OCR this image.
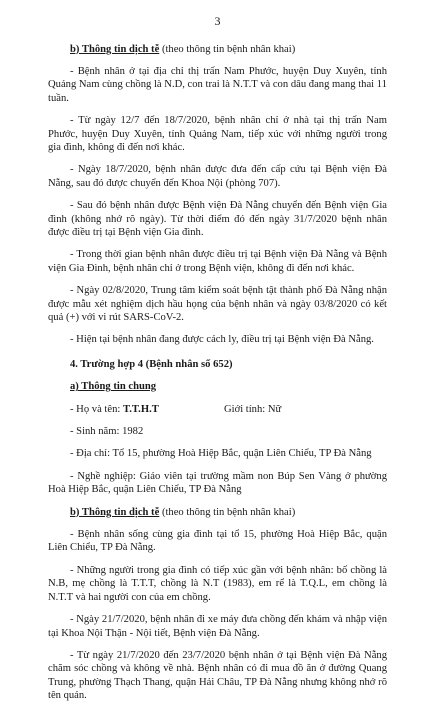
3

b) Thông tin dịch tễ (theo thông tin bệnh nhân khai)

- Bệnh nhân ở tại địa chỉ thị trấn Nam Phước, huyện Duy Xuyên, tỉnh Quảng Nam cùng chồng là N.D, con trai là N.T.T và con dâu đang mang thai 11 tuần.

- Từ ngày 12/7 đến 18/7/2020, bệnh nhân chỉ ở nhà tại thị trấn Nam Phước, huyện Duy Xuyên, tỉnh Quảng Nam, tiếp xúc với những người trong gia đình, không đi đến nơi khác.

- Ngày 18/7/2020, bệnh nhân được đưa đến cấp cứu tại Bệnh viện Đà Nẵng, sau đó được chuyển đến Khoa Nội (phòng 707).

- Sau đó bệnh nhân được Bệnh viện Đà Nẵng chuyển đến Bệnh viện Gia đình (không nhớ rõ ngày). Từ thời điểm đó đến ngày 31/7/2020 bệnh nhân được điều trị tại Bệnh viện Gia đình.

- Trong thời gian bệnh nhân được điều trị tại Bệnh viện Đà Nẵng và Bệnh viện Gia Đình, bệnh nhân chỉ ở trong Bệnh viện, không đi đến nơi khác.

- Ngày 02/8/2020, Trung tâm kiểm soát bệnh tật thành phố Đà Nẵng nhận được mẫu xét nghiệm dịch hầu họng của bệnh nhân và ngày 03/8/2020 có kết quả (+) với vi rút SARS-CoV-2.

- Hiện tại bệnh nhân đang được cách ly, điều trị tại Bệnh viện Đà Nẵng.

4. Trường hợp 4 (Bệnh nhân số 652)

a) Thông tin chung

- Họ và tên: T.T.H.T	Giới tính: Nữ

- Sinh năm: 1982

- Địa chỉ: Tổ 15, phường Hoà Hiệp Bắc, quận Liên Chiểu, TP Đà Nẵng

- Nghề nghiệp: Giáo viên tại trường mầm non Búp Sen Vàng ở phường Hoà Hiệp Bắc, quận Liên Chiểu, TP Đà Nẵng

b) Thông tin dịch tễ (theo thông tin bệnh nhân khai)

- Bệnh nhân sống cùng gia đình tại tổ 15, phường Hoà Hiệp Bắc, quận Liên Chiểu, TP Đà Nẵng.

- Những người trong gia đình có tiếp xúc gần với bệnh nhân: bố chồng là N.B, mẹ chồng là T.T.T, chồng là N.T (1983), em rể là T.Q.L, em chồng là N.T.T và hai người con của em chồng.

- Ngày 21/7/2020, bệnh nhân đi xe máy đưa chồng đến khám và nhập viện tại Khoa Nội Thận - Nội tiết, Bệnh viện Đà Nẵng.

- Từ ngày 21/7/2020 đến 23/7/2020 bệnh nhân ở tại Bệnh viện Đà Nẵng chăm sóc chồng và không về nhà. Bệnh nhân có đi mua đồ ăn ở đường Quang Trung, phường Thạch Thang, quận Hải Châu, TP Đà Nẵng nhưng không nhớ rõ tên quán.
